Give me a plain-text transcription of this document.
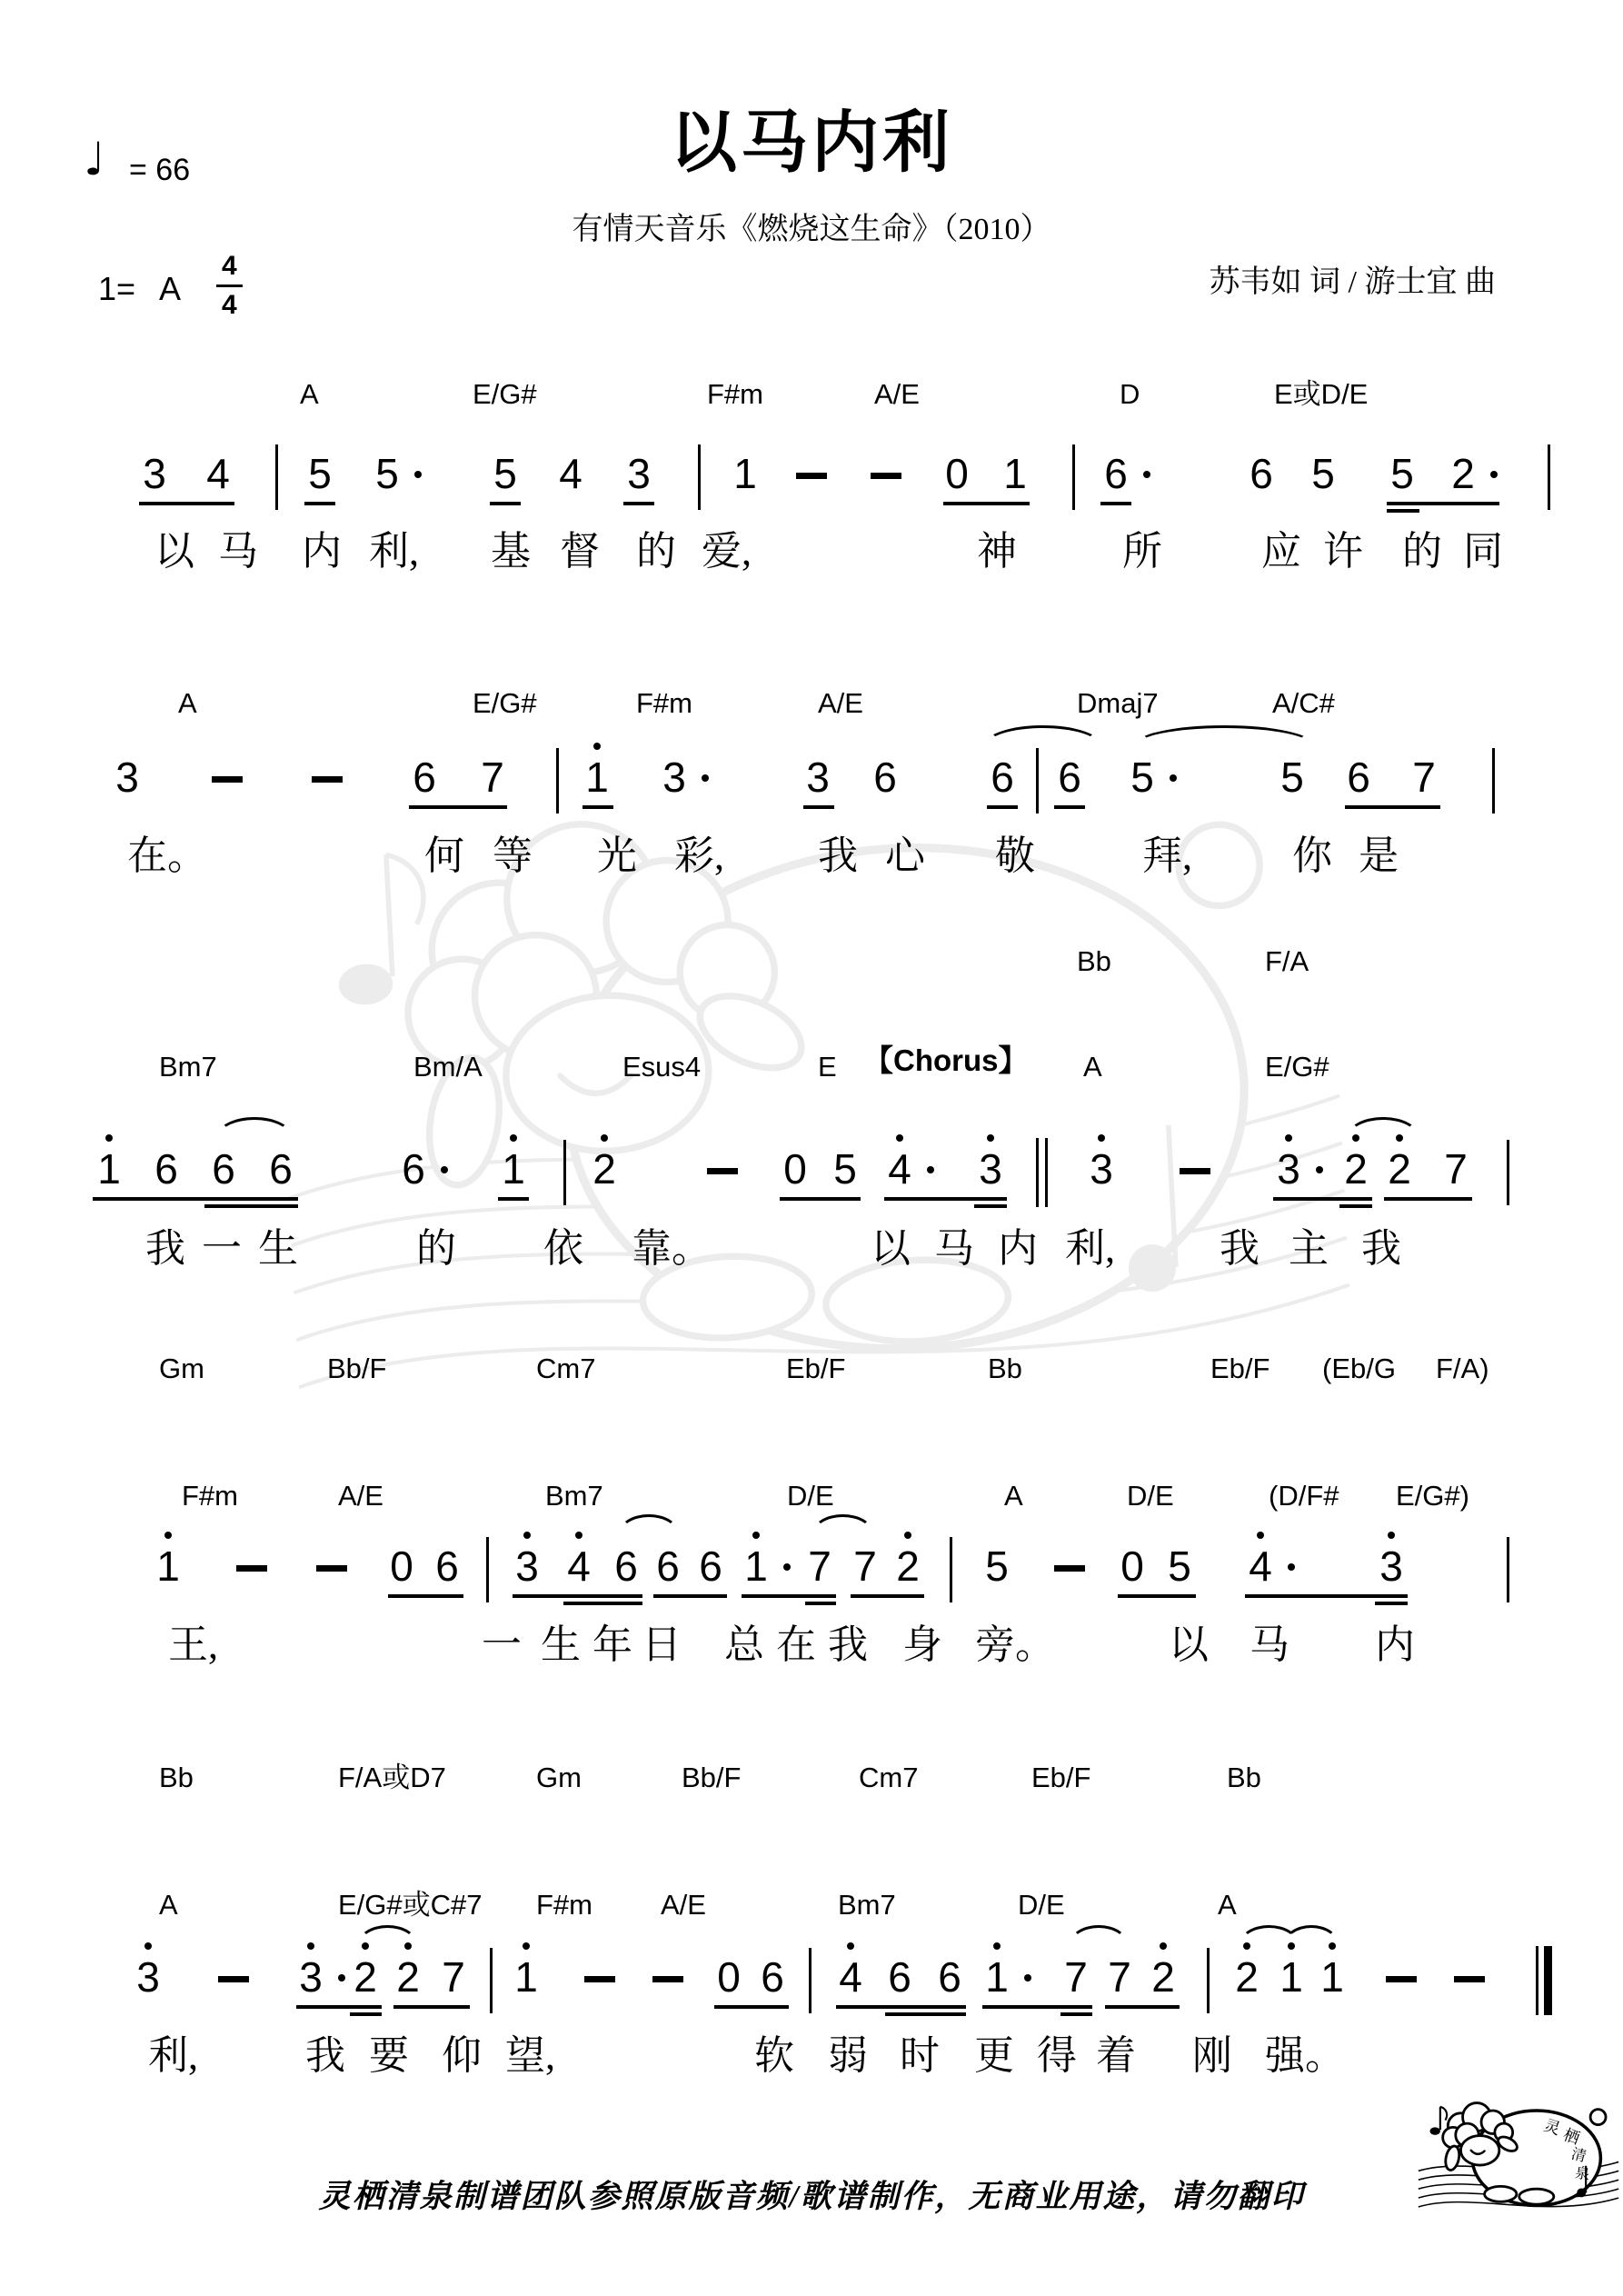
♩ = 66	以马内利
有情天音乐《燃烧这生命》（2010）
苏韦如 词 / 游士宜 曲
1= A
4
4
A	E/G#	F#m	A/E	D	E或D/E
3 4 5 5 5 4 3 1	0 1 6	6 5 5 2
以 马 内 利, 基 督 的 爱,	神	所 应 许 的 同
A	E/G#	F#m	A/E	Dmaj7	A/C#
3	6 7 1 3	3 6 6 6 5	5 6 7
在。	何 等 光 彩, 我 心 敬	拜,	你 是
Bb	F/A
Bm7	Bm/A	Esus4	E	A	E/G#
【Chorus】
1 6 6 6	6 1 2	0 5 4 3 3	3 2 2 7
我 一 生	的 依 靠。	以 马 内 利,	我 主 我
Gm	Bb/F	Cm7	Eb/F	Bb	Eb/F (Eb/G F/A)
F#m	A/E	Bm7	D/E	A	D/E	(D/F# E/G#)
1	0 6 3 4 6 6 6 1 7 7 2 5	0 5 4	3
王,	一 生 年 日 总 在 我 身 旁。	以 马 内
Bb	F/A或D7	Gm	Bb/F	Cm7	Eb/F	Bb
A	E/G#或C#7 F#m A/E	Bm7	D/E	A
3	3 2 2 7 1	0 6 4 6 6 1 7 7 2 2 1 1
利,	我 要 仰 望,	软 弱 时 更 得 着 刚 强。
灵栖清泉制谱团队参照原版音频/歌谱制作，无商业用途，请勿翻印
灵
栖
清
泉
